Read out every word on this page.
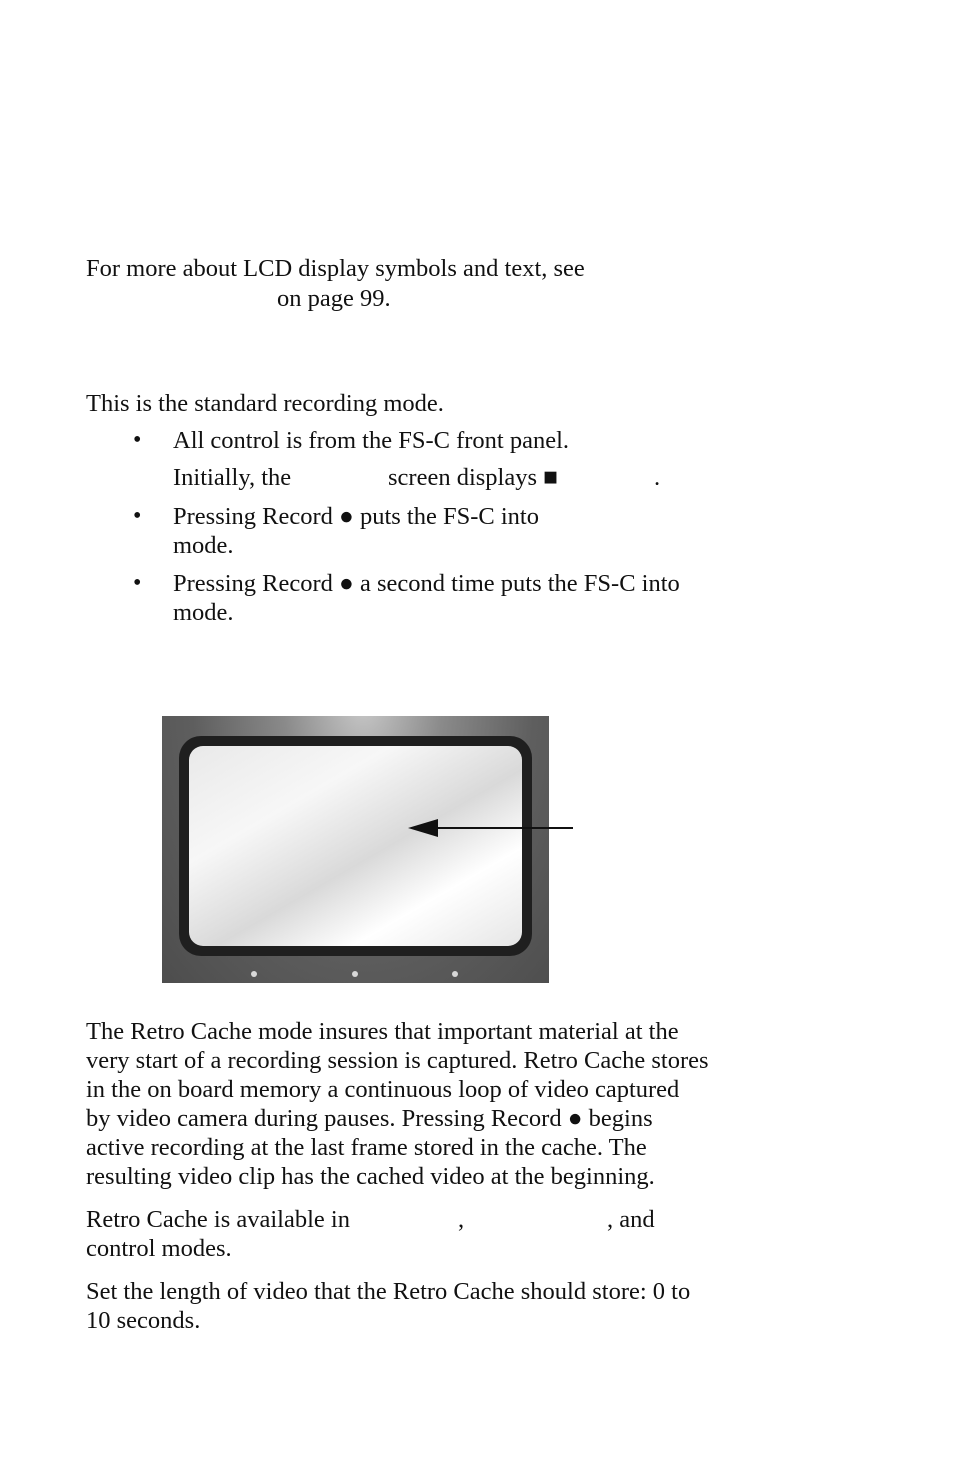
For more about LCD display symbols and text, see

on page 99.

This is the standard recording mode.

• All control is from the FS-C front panel.

Initially, the	screen displays ■	.

• Pressing Record ● puts the FS-C into

mode.

• Pressing Record ● a second time puts the FS-C into

mode.

The Retro Cache mode insures that important material at the

very start of a recording session is captured. Retro Cache stores

in the on board memory a continuous loop of video captured

by video camera during pauses. Pressing Record ● begins

active recording at the last frame stored in the cache. The

resulting video clip has the cached video at the beginning.

Retro Cache is available in	,	, and

control modes.

Set the length of video that the Retro Cache should store: 0 to

10 seconds.
